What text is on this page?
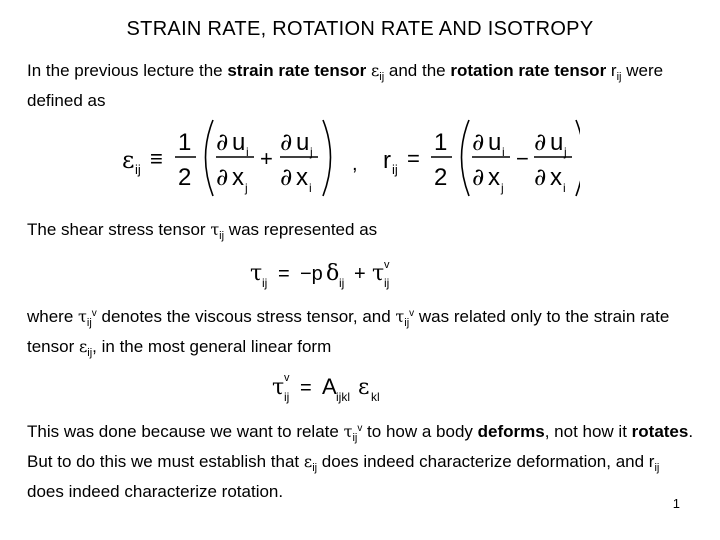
STRAIN RATE, ROTATION RATE AND ISOTROPY
In the previous lecture the strain rate tensor $\varepsilon_{ij}$ and the rotation rate tensor $r_{ij}$ were defined as
ε ij ≡
1
2
∂ u i
∂ x j
+
∂ u j
∂ x i
, r ij =
1
2
∂ u i
∂ x j
−
∂ u j
∂ x i
The shear stress tensor $\tau_{ij}$ was represented as
τ ij = −p δ ij + τ v
ij
where $\tau_{ij}^v$ denotes the viscous stress tensor, and $\tau_{ij}^v$ was related only to the strain rate tensor $\varepsilon_{ij}$, in the most general linear form
τ v
ij = A ijkl ε kl
This was done because we want to relate $\tau_{ij}^v$ to how a body deforms, not how it rotates. But to do this we must establish that $\varepsilon_{ij}$ does indeed characterize deformation, and $r_{ij}$ does indeed characterize rotation.
1
